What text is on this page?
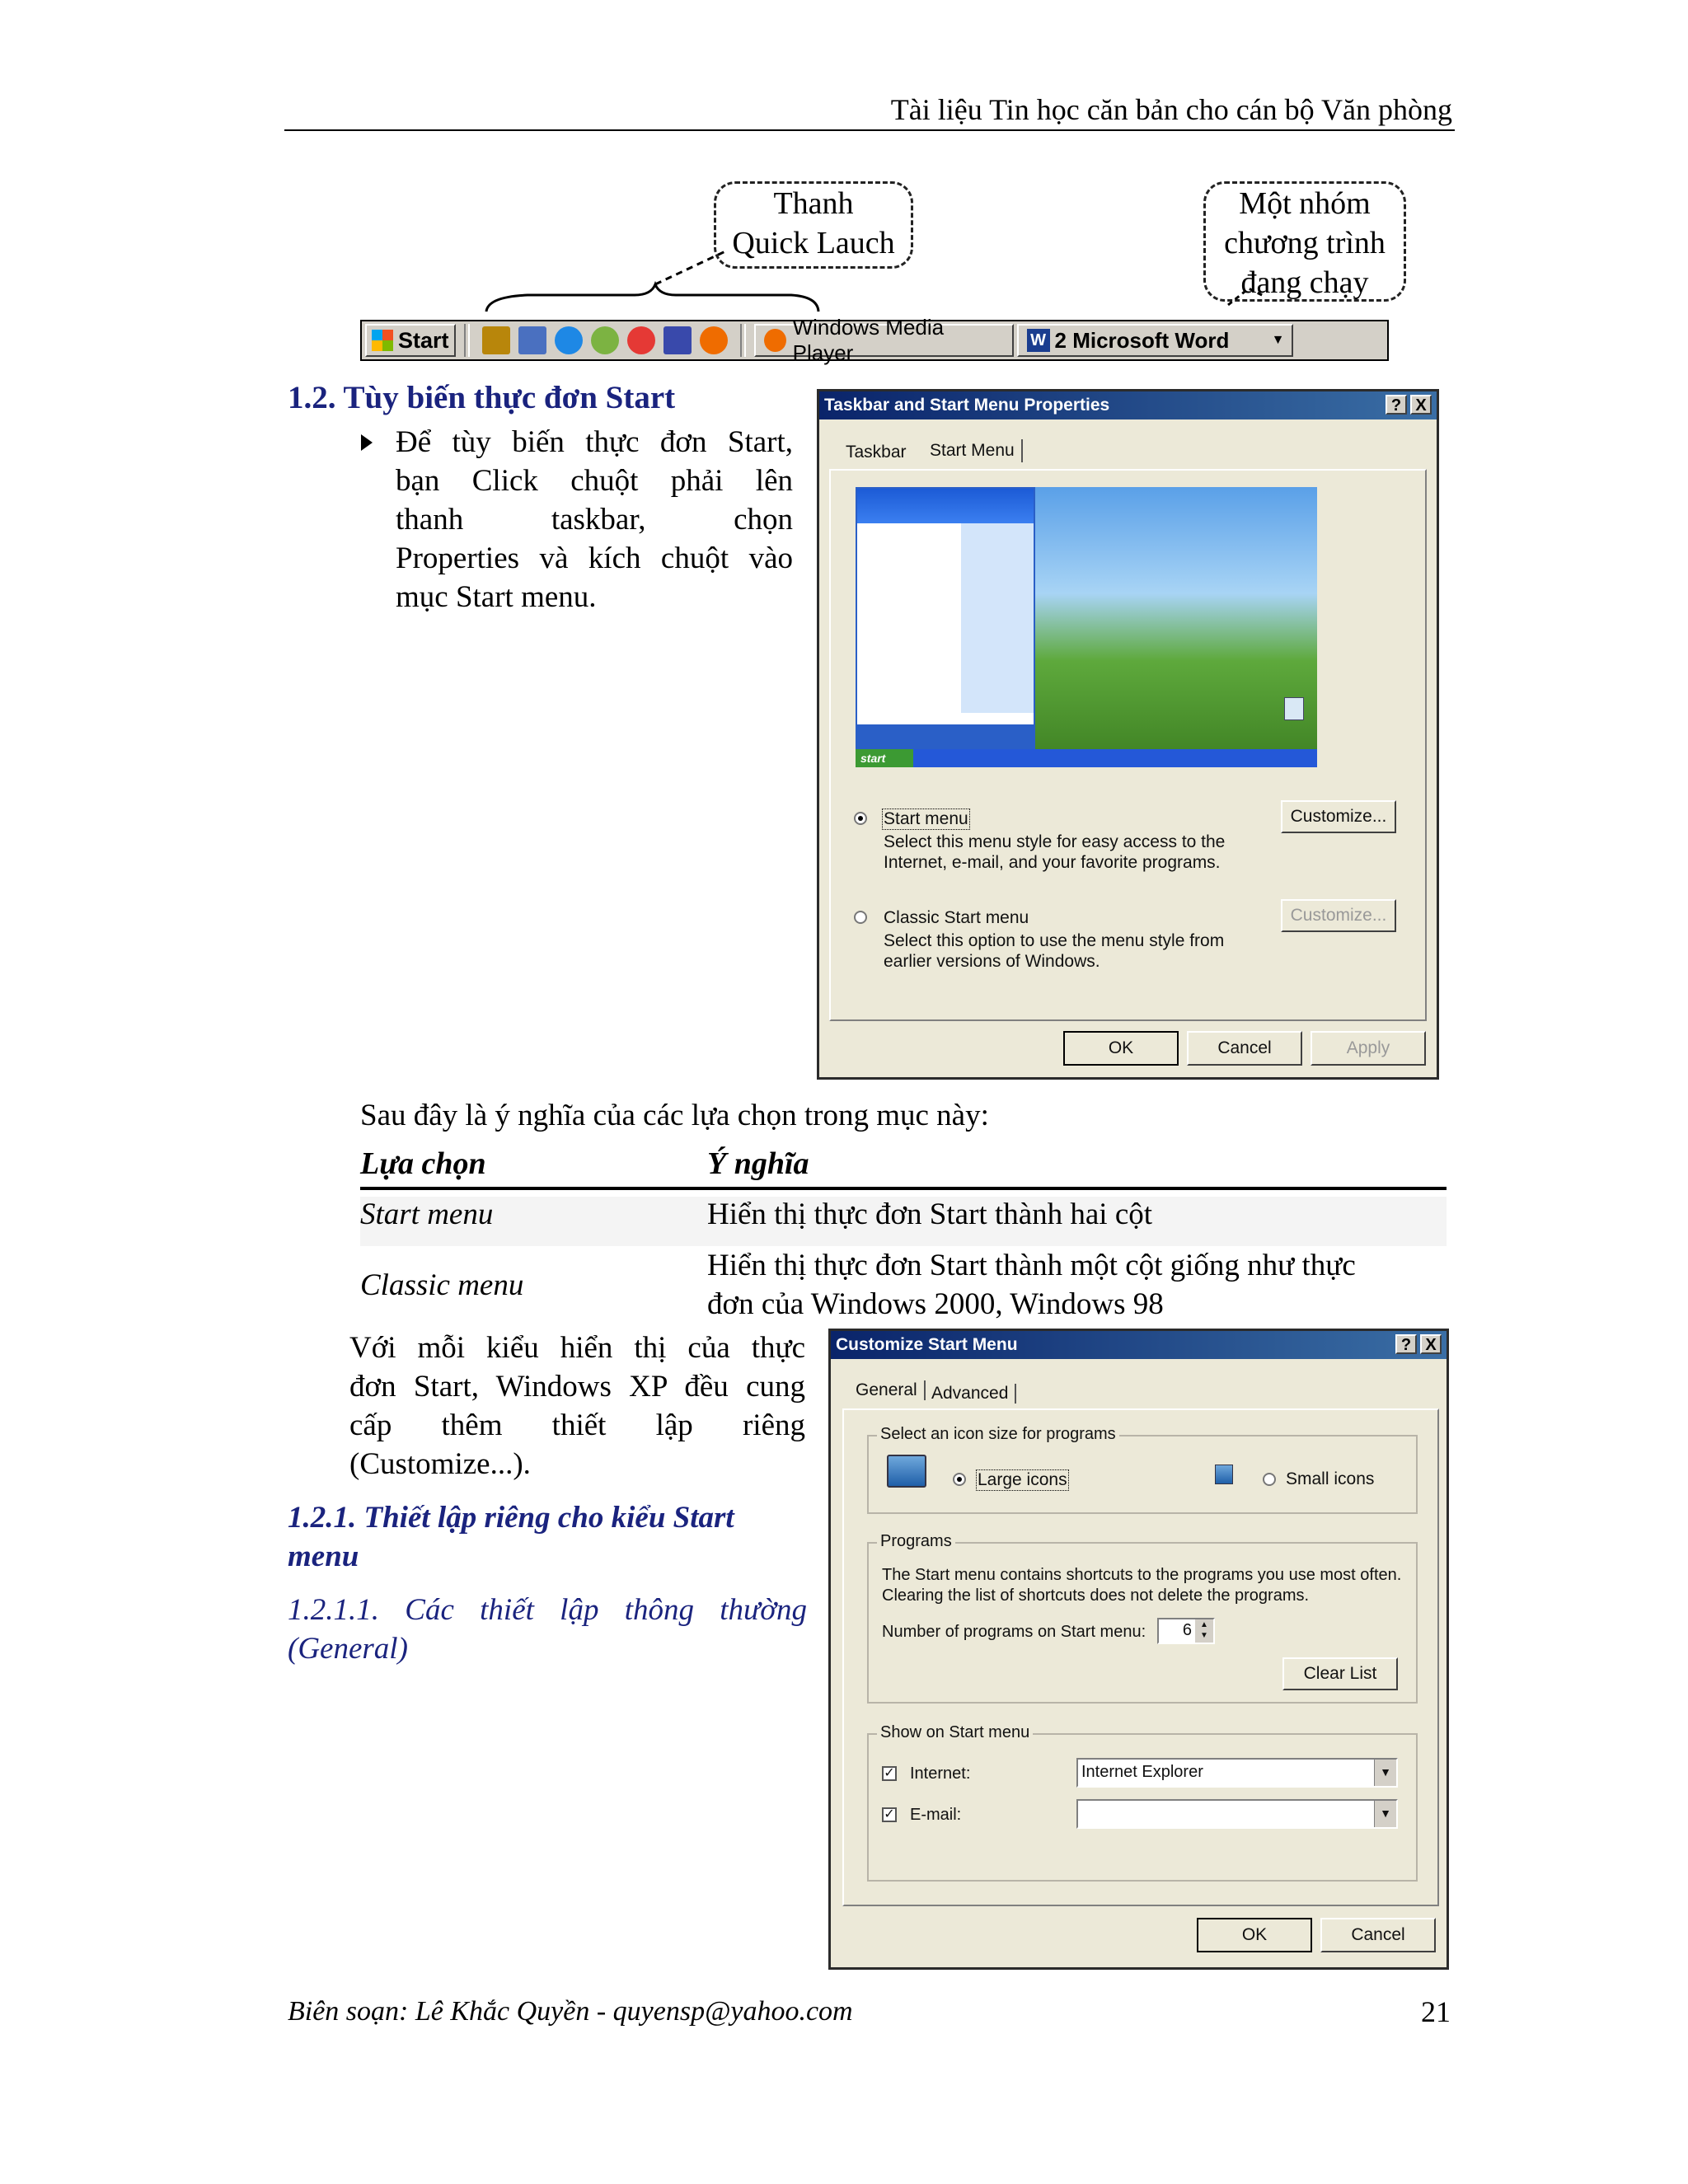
Tài liệu Tin học căn bản cho cán bộ Văn phòng
Thanh
Quick Lauch
Một nhóm
chương trình
đang chạy
Start
Windows Media Player	W 2 Microsoft Word	▼
1.2. Tùy biến thực đơn Start
Để tùy biến thực đơn Start,
bạn Click chuột phải lên
thanh taskbar, chọn
Properties và kích chuột vào
mục Start menu.
Taskbar and Start Menu Properties	? X
Taskbar	Start Menu
start
Start menu
Select this menu style for easy access to the
Internet, e-mail, and your favorite programs.
Customize...
Classic Start menu
Select this option to use the menu style from
earlier versions of Windows.
Customize...
OK	Cancel	Apply
Sau đây là ý nghĩa của các lựa chọn trong mục này:
Lựa chọn	Ý nghĩa
Start menu	Hiển thị thực đơn Start thành hai cột
Classic menu
Hiển thị thực đơn Start thành một cột giống như thực
đơn của Windows 2000, Windows 98
Với mỗi kiểu hiển thị của thực
đơn Start, Windows XP đều cung
cấp thêm thiết lập riêng
(Customize...).
1.2.1. Thiết lập riêng cho kiểu Start
menu
1.2.1.1. Các thiết lập thông thường
(General)
Customize Start Menu	? X
General Advanced
Select an icon size for programs
Large icons	Small icons
Programs
The Start menu contains shortcuts to the programs you use most often.
Clearing the list of shortcuts does not delete the programs.
Number of programs on Start menu: 6	▲
▼
Clear List
Show on Start menu
✓ Internet:	Internet Explorer	▼
✓ E-mail:	▼
OK	Cancel
Biên soạn: Lê Khắc Quyền - quyensp@yahoo.com	21
